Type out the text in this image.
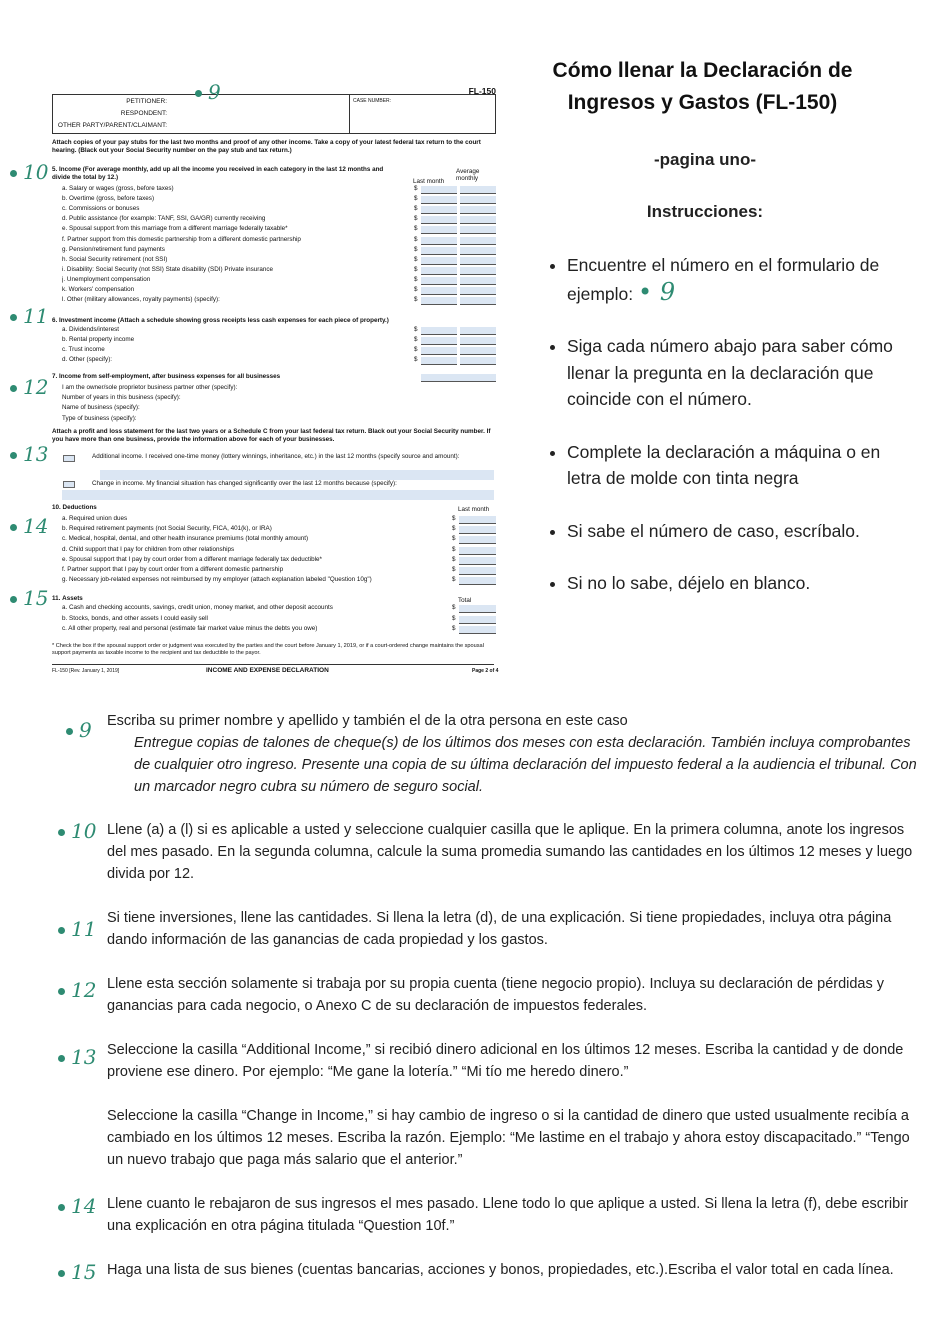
Cómo llenar la Declaración de Ingresos y Gastos (FL-150)
-pagina uno-
Instrucciones:
• Encuentre el número en el formulario de ejemplo: • 9
• Siga cada número abajo para saber cómo llenar la pregunta en la declaración que coincide con el número.
• Complete la declaración a máquina o en letra de molde con tinta negra
• Si sabe el número de caso, escríbalo.
• Si no lo sabe, déjelo en blanco.
FL-150
PETITIONER:
RESPONDENT:
OTHER PARTY/PARENT/CLAIMANT:
CASE NUMBER:
Attach copies of your pay stubs for the last two months and proof of any other income. Take a copy of your latest federal tax return to the court hearing. (Black out your Social Security number on the pay stub and tax return.)
5. Income (For average monthly, add up all the income you received in each category in the last 12 months and divide the total by 12.)
Last month
Average monthly
a. Salary or wages (gross, before taxes)	$
b. Overtime (gross, before taxes)	$
c. Commissions or bonuses	$
d. Public assistance (for example: TANF, SSI, GA/GR) currently receiving	$
e. Spousal support from this marriage from a different marriage federally taxable*	$
f. Partner support from this domestic partnership from a different domestic partnership	$
g. Pension/retirement fund payments	$
h. Social Security retirement (not SSI)	$
i. Disability: Social Security (not SSI) State disability (SDI) Private insurance	$
j. Unemployment compensation	$
k. Workers' compensation	$
l. Other (military allowances, royalty payments) (specify):	$
a. Dividends/interest	$
b. Rental property income	$
c. Trust income	$
d. Other (specify):	$
I am the owner/sole proprietor business partner other (specify):
Number of years in this business (specify):
Name of business (specify):
Type of business (specify):
6. Investment income (Attach a schedule showing gross receipts less cash expenses for each piece of property.)
7. Income from self-employment, after business expenses for all businesses
Attach a profit and loss statement for the last two years or a Schedule C from your last federal tax return. Black out your Social Security number. If you have more than one business, provide the information above for each of your businesses.
Additional income. I received one-time money (lottery winnings, inheritance, etc.) in the last 12 months (specify source and amount):
Change in income. My financial situation has changed significantly over the last 12 months because (specify):
10. Deductions	Last month
a. Required union dues	$
b. Required retirement payments (not Social Security, FICA, 401(k), or IRA)	$
c. Medical, hospital, dental, and other health insurance premiums (total monthly amount)	$
d. Child support that I pay for children from other relationships	$
e. Spousal support that I pay by court order from a different marriage federally tax deductible*	$
f. Partner support that I pay by court order from a different domestic partnership	$
g. Necessary job-related expenses not reimbursed by my employer (attach explanation labeled "Question 10g")	$
11. Assets	Total
a. Cash and checking accounts, savings, credit union, money market, and other deposit accounts	$
b. Stocks, bonds, and other assets I could easily sell	$
c. All other property, real and personal (estimate fair market value minus the debts you owe)	$
* Check the box if the spousal support order or judgment was executed by the parties and the court before January 1, 2019, or if a court-ordered change maintains the spousal support payments as taxable income to the recipient and tax deductible to the payor.
FL-150 [Rev. January 1, 2019]	INCOME AND EXPENSE DECLARATION	Page 2 of 4
9
10
11
12
13
14
15
9 Escriba su primer nombre y apellido y también el de la otra persona en este caso
Entregue copias de talones de cheque(s) de los últimos dos meses con esta declaración. También incluya comprobantes de cualquier otro ingreso. Presente una copia de su última declaración del impuesto federal a la audiencia el tribunal. Con un marcador negro cubra su número de seguro social.
10 Llene (a) a (l) si es aplicable a usted y seleccione cualquier casilla que le aplique. En la primera columna, anote los ingresos del mes pasado. En la segunda columna, calcule la suma promedia sumando las cantidades en los últimos 12 meses y luego divida por 12.
11 Si tiene inversiones, llene las cantidades. Si llena la letra (d), de una explicación. Si tiene propiedades, incluya otra página dando información de las ganancias de cada propiedad y los gastos.
12 Llene esta sección solamente si trabaja por su propia cuenta (tiene negocio propio). Incluya su declaración de pérdidas y ganancias para cada negocio, o Anexo C de su declaración de impuestos federales.
13 Seleccione la casilla “Additional Income,” si recibió dinero adicional en los últimos 12 meses. Escriba la cantidad y de donde proviene ese dinero. Por ejemplo: “Me gane la lotería.” “Mi tío me heredo dinero.”
Seleccione la casilla “Change in Income,” si hay cambio de ingreso o si la cantidad de dinero que usted usualmente recibía a cambiado en los últimos 12 meses. Escriba la razón. Ejemplo: “Me lastime en el trabajo y ahora estoy discapacitado.” “Tengo un nuevo trabajo que paga más salario que el anterior.”
14 Llene cuanto le rebajaron de sus ingresos el mes pasado. Llene todo lo que aplique a usted. Si llena la letra (f), debe escribir una explicación en otra página titulada “Question 10f.”
15 Haga una lista de sus bienes (cuentas bancarias, acciones y bonos, propiedades, etc.).Escriba el valor total en cada línea.
